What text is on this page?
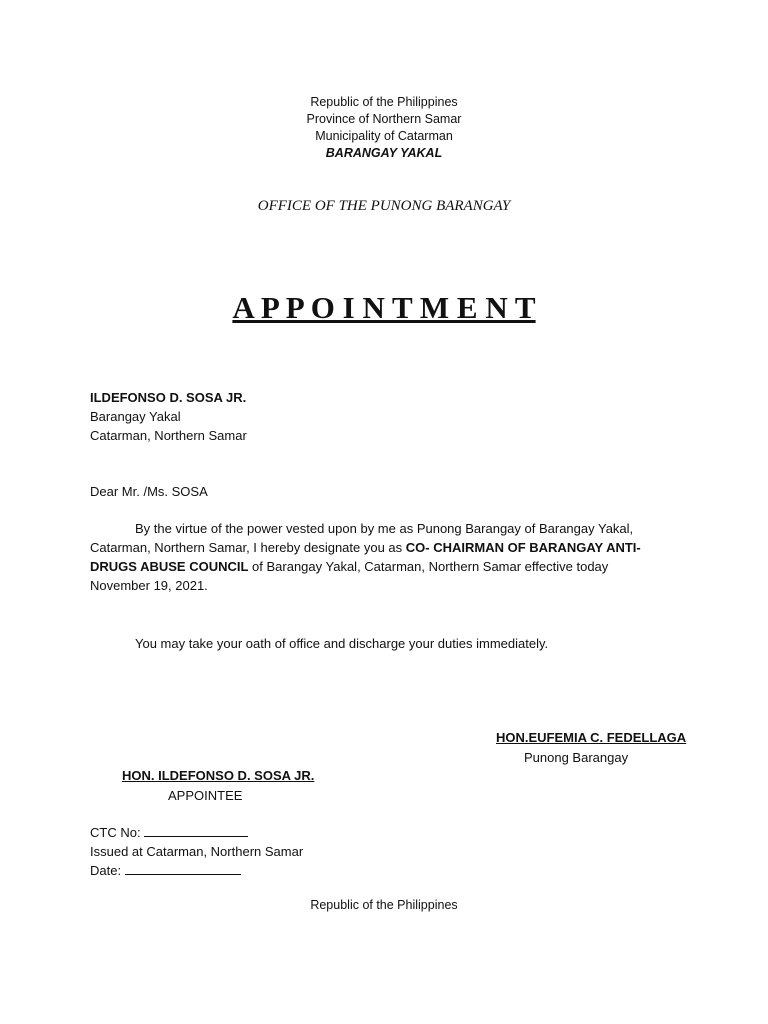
Republic of the Philippines
Province of Northern Samar
Municipality of Catarman
BARANGAY YAKAL
OFFICE OF THE PUNONG BARANGAY
A P P O I N T M E N T
ILDEFONSO D. SOSA JR.
Barangay Yakal
Catarman, Northern Samar
Dear Mr. /Ms. SOSA
By the virtue of the power vested upon by me as Punong Barangay of Barangay Yakal, Catarman, Northern Samar, I hereby designate you as CO- CHAIRMAN OF BARANGAY ANTI-DRUGS ABUSE COUNCIL of Barangay Yakal, Catarman, Northern Samar effective today November 19, 2021.
You may take your oath of office and discharge your duties immediately.
HON.EUFEMIA C. FEDELLAGA
Punong Barangay
HON. ILDEFONSO D. SOSA JR.
APPOINTEE
CTC No:
Issued at Catarman, Northern Samar
Date:
Republic of the Philippines
